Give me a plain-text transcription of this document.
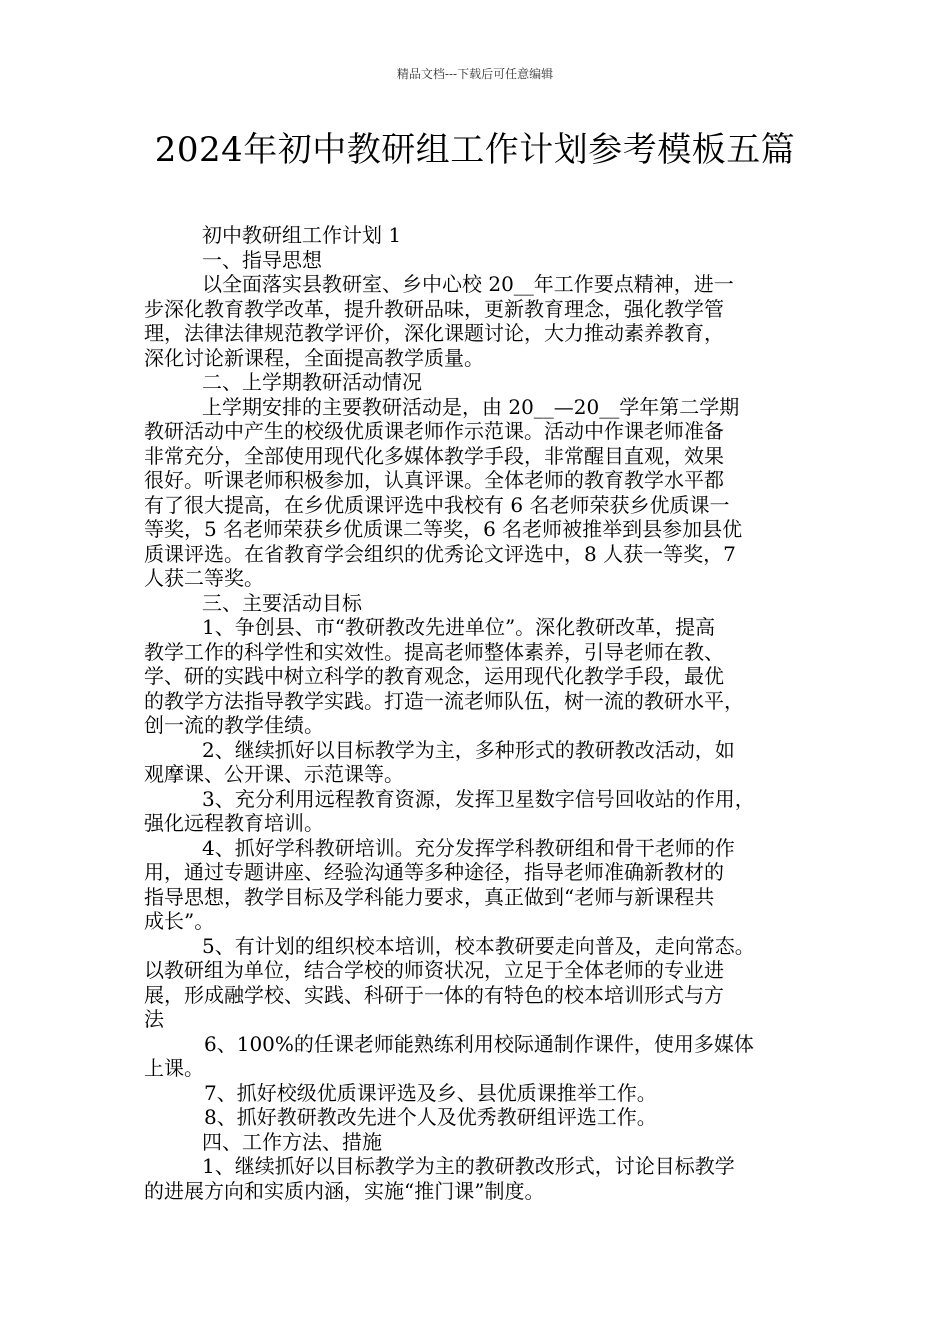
精品文档---下载后可任意编辑
2024年初中教研组工作计划参考模板五篇
初中教研组工作计划 1
一、指导思想
以全面落实县教研室、乡中心校 20__年工作要点精神，进一
步深化教育教学改革，提升教研品味，更新教育理念，强化教学管
理，法律法律规范教学评价，深化课题讨论，大力推动素养教育，
深化讨论新课程，全面提高教学质量。
二、上学期教研活动情况
上学期安排的主要教研活动是，由 20__—20__学年第二学期
教研活动中产生的校级优质课老师作示范课。活动中作课老师准备
非常充分，全部使用现代化多媒体教学手段，非常醒目直观，效果
很好。听课老师积极参加，认真评课。全体老师的教育教学水平都
有了很大提高，在乡优质课评选中我校有 6 名老师荣获乡优质课一
等奖，5 名老师荣获乡优质课二等奖，6 名老师被推举到县参加县优
质课评选。在省教育学会组织的优秀论文评选中，8 人获一等奖，7
人获二等奖。
三、主要活动目标
1、争创县、市“教研教改先进单位”。深化教研改革，提高
教学工作的科学性和实效性。提高老师整体素养，引导老师在教、
学、研的实践中树立科学的教育观念，运用现代化教学手段，最优
的教学方法指导教学实践。打造一流老师队伍，树一流的教研水平，
创一流的教学佳绩。
2、继续抓好以目标教学为主，多种形式的教研教改活动，如
观摩课、公开课、示范课等。
3、充分利用远程教育资源，发挥卫星数字信号回收站的作用，
强化远程教育培训。
4、抓好学科教研培训。充分发挥学科教研组和骨干老师的作
用，通过专题讲座、经验沟通等多种途径，指导老师准确新教材的
指导思想，教学目标及学科能力要求，真正做到“老师与新课程共
成长”。
5、有计划的组织校本培训，校本教研要走向普及，走向常态。
以教研组为单位，结合学校的师资状况，立足于全体老师的专业进
展，形成融学校、实践、科研于一体的有特色的校本培训形式与方
法
6、100%的任课老师能熟练利用校际通制作课件，使用多媒体
上课。
7、抓好校级优质课评选及乡、县优质课推举工作。
8、抓好教研教改先进个人及优秀教研组评选工作。
四、工作方法、措施
1、继续抓好以目标教学为主的教研教改形式，讨论目标教学
的进展方向和实质内涵，实施“推门课”制度。
